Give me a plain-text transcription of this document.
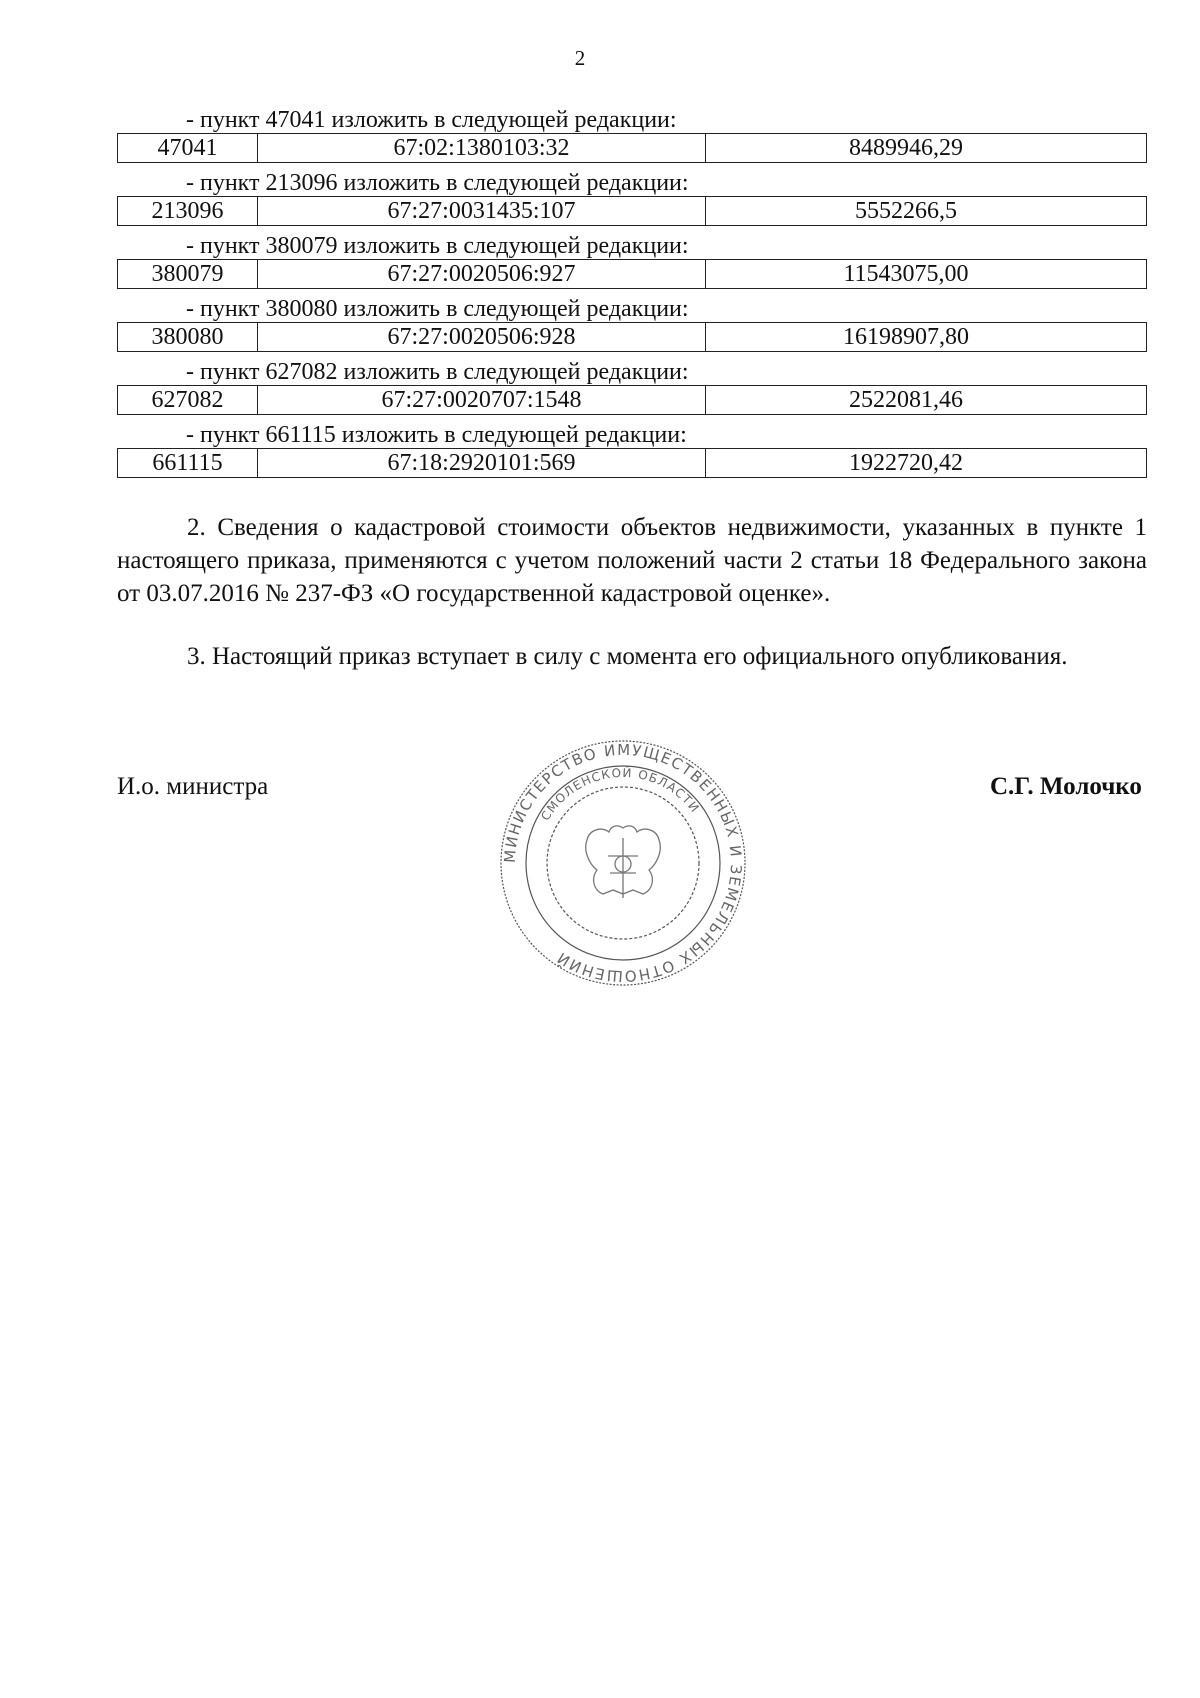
2
- пункт 47041 изложить в следующей редакции:
47041	67:02:1380103:32	8489946,29
- пункт 213096 изложить в следующей редакции:
213096	67:27:0031435:107	5552266,5
- пункт 380079 изложить в следующей редакции:
380079	67:27:0020506:927	11543075,00
- пункт 380080 изложить в следующей редакции:
380080	67:27:0020506:928	16198907,80
- пункт 627082 изложить в следующей редакции:
627082	67:27:0020707:1548	2522081,46
- пункт 661115 изложить в следующей редакции:
661115	67:18:2920101:569	1922720,42

2. Сведения о кадастровой стоимости объектов недвижимости, указанных в пункте 1 настоящего приказа, применяются с учетом положений части 2 статьи 18 Федерального закона от 03.07.2016 № 237-ФЗ «О государственной кадастровой оценке».

3. Настоящий приказ вступает в силу с момента его официального опубликования.

И.о. министра	С.Г. Молочко
МИНИСТЕРСТВО ИМУЩЕСТВЕННЫХ И ЗЕМЕЛЬНЫХ ОТНОШЕНИЙ
СМОЛЕНСКОЙ ОБЛАСТИ
